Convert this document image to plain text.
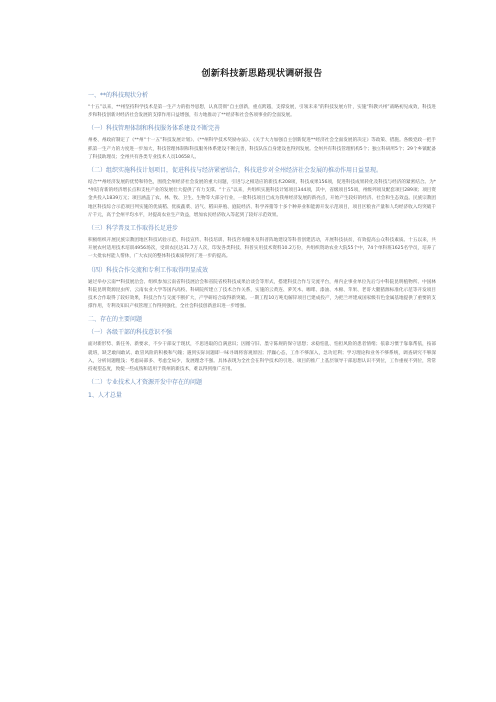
创新科技新思路现状调研报告
一、**的科技现状分析
“十五”以来，**州坚持科学技术是第一生产力的指导思想，认真贯彻“自主创新，重点跨越，支撑发展，引领未来”的科技发展方针，实施“科教兴州”战略初见成效，科技进步和科技创新对经济社会发展的支撑作用日益增强，有力地推动了**经济和社会各项事业的全面发展。
（一）科技管理体制和科技服务体系建设不断完善
州委、州政府制定了《**州“十一五”科技发展计划》、《**州科学技术奖励办法》、《关于大力加强自主创新促进**经济社会全面发展的决定》等政策、措施。各级党政一把手抓第一生产力的力度进一步加大，科技管理体制和科技服务体系建设不断完善，科技队伍自身建设也得到发展。全州共有科技管理机构5个；独立科研所5个；29个乡镇配备了科技助理员；全州共有各类专业技术人员10658人。
（二）组织实施科技计划项目，促进科技与经济紧密结合，科技进步对全州经济社会发展的推动作用日益显现。
结合**州经济发展的优势和特色，围绕全州经济社会发展的重大问题，引进与之相适应的新技术208项，科技成果156项，促进科技成果转化及科技与经济的紧密结合。为**州培育新的经济增长点和支柱产业的发展壮大提供了有力支撑。“十五”以来，共组织实施科技计划项目344项，其中，省级项目55项，州级列项及配套项目289项；项目资金共投入1839万元；项目涵盖了农、林、牧、卫生、生物等大部分行业，一批科技项目已成为我州经济发展的新亮点，开始产生较好的经济、社会和生态效益。民族宗教团地区科技综合示范项目列实施的优质稻、优质蔬菜、沼气、稻田养殖、庭院经济、科学养猪等十多个种养业和能源开发示范项目，项目区粮食产量和人均经济收入均突破千斤千元，高于全州平均水平，对提高农业生产效益，增加农民经济收入等起到了较好示范效果。
（三）科学普及工作取得长足进步
积极组织开展民族宗教团地区科技试验示范、科技宣传、科技培训、科技咨询服务及科普阵地建设等科普创建活动，开展科技扶贫，有效提高公众科技素质。十五以来，共开展农村适用技术培训4956场次，受训农民达31.7万人次，印发各类科技、科普实用技术资料10.2万份，共组织资助农业大院55个中，74个单科班1625名学员，培养了一大批农村能人帮休，广大农民的整体科技素质得到了进一步的提高。
（四）科技合作交流和专利工作取得明显成效
通过举办云南**科技展洽会、组织参加云南省科技展洽会和省院省校科技成果洽谈会等形式，搭建科技合作与交流平台，州内企事业单位先后与中科院昆明植物所、中国林科院昆明资源昆虫所、云南农业大学等国内高校、科研院所建立了技术合作关系，实施的云黄连、萝芙木、咖啡、漆油、木棉、苹果、老哥大腿猪源标准化示范等开发项目技术合作取得了较好效果，科技合作与交流不断扩大，产学研结合取得新突破。一期工程10万吨电解锌项目已建成投产，为把兰坪建成国家级有色金属基地提供了重要的支撑作用，专利及知识产权管理工作得到强化，全社会科技创新意识进一步增强。
二、存在的主要问题
（一）各级干部的科技意识不强
面对新形势、新任务、新要求，不少干部安于现状，不思进取的自满意识；因循守旧、墨守陈规的保守思想；求稳怕乱、怕担风险的患者情绪；依靠习惯于靠靠帮依，按部就班，缺乏敢闯敢试、敢冒风险的积极和气魄；遇到实际问题即一味寻调将客观原因；浮躁心态，工作不够深入，急功近利；学习理论和业务不够系统，调查研究不够深入，分析问题粗浅；考虑局部多、考虑全局少，发展理念不强。具体表现为全社会在科学技术的引进、项目的推广上基层领导干部思想认识不到位，工作重视不到位，常常持观望态度，致使一些成熟和适用于我州的新技术，难以得到推广应用。
（二）专业技术人才资源开发中存在的问题
1、人才总量
